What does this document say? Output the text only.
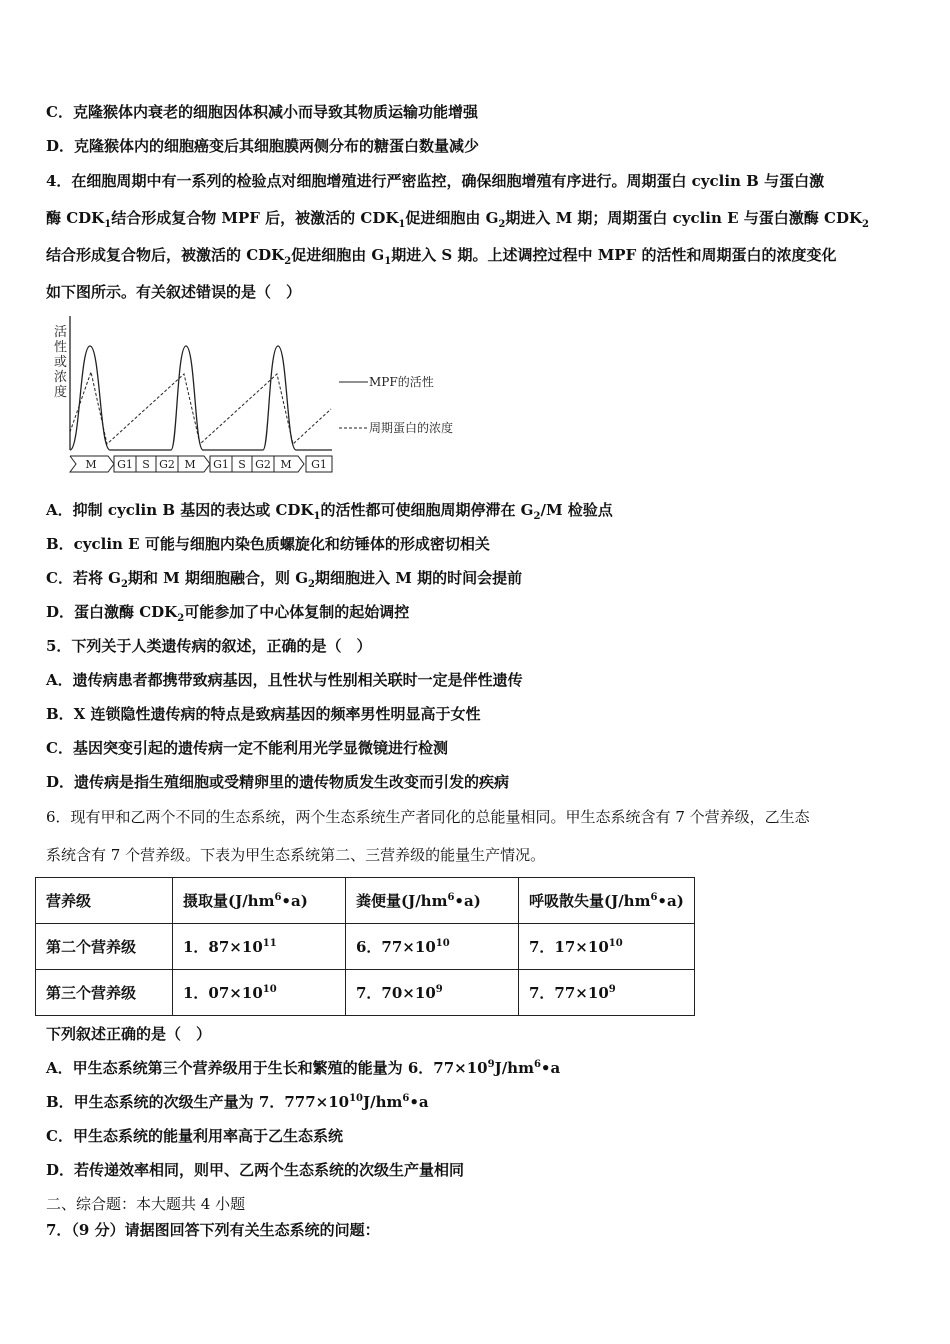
C．克隆猴体内衰老的细胞因体积减小而导致其物质运输功能增强
D．克隆猴体内的细胞癌变后其细胞膜两侧分布的糖蛋白数量减少
4．在细胞周期中有一系列的检验点对细胞增殖进行严密监控，确保细胞增殖有序进行。周期蛋白 cyclin B 与蛋白激
酶 $CDK_1$结合形成复合物 MPF 后，被激活的 $CDK_1$促进细胞由 $G_2$期进入 M 期；周期蛋白 cyclin E 与蛋白激酶 $CDK_2$
结合形成复合物后，被激活的 $CDK_2$促进细胞由 $G_1$期进入 S 期。上述调控过程中 MPF 的活性和周期蛋白的浓度变化
如下图所示。有关叙述错误的是（　）
活
性
或
浓
度
MPF的活性
周期蛋白的浓度
M G1 S G2 M G1 S G2 M G1
A．抑制 cyclin B 基因的表达或 $CDK_1$的活性都可使细胞周期停滞在 $G_2/M$ 检验点
B．cyclin E 可能与细胞内染色质螺旋化和纺锤体的形成密切相关
C．若将 $G_2$期和 M 期细胞融合，则 $G_2$期细胞进入 M 期的时间会提前
D．蛋白激酶 $CDK_2$可能参加了中心体复制的起始调控
5．下列关于人类遗传病的叙述，正确的是（　）
A．遗传病患者都携带致病基因，且性状与性别相关联时一定是伴性遗传
B．X 连锁隐性遗传病的特点是致病基因的频率男性明显高于女性
C．基因突变引起的遗传病一定不能利用光学显微镜进行检测
D．遗传病是指生殖细胞或受精卵里的遗传物质发生改变而引发的疾病
6．现有甲和乙两个不同的生态系统，两个生态系统生产者同化的总能量相同。甲生态系统含有 7 个营养级，乙生态
系统含有 7 个营养级。下表为甲生态系统第二、三营养级的能量生产情况。
营养级	摄取量$(J/hm^6•a)$	粪便量$(J/hm^6•a)$	呼吸散失量$(J/hm^6•a)$
第二个营养级	1．$87\times 10^{11}$	6．$77\times 10^{10}$	7．$17\times 10^{10}$
第三个营养级	1．$07\times 10^{10}$	7．$70\times 10^9$	7．$77\times 10^9$
下列叙述正确的是（　）
A．甲生态系统第三个营养级用于生长和繁殖的能量为 6．$77\times 10^9J/hm^6•a$
B．甲生态系统的次级生产量为 7．$777\times 10^{10}J/hm^6•a$
C．甲生态系统的能量利用率高于乙生态系统
D．若传递效率相同，则甲、乙两个生态系统的次级生产量相同
二、综合题：本大题共 4 小题
7．（9 分）请据图回答下列有关生态系统的问题：
